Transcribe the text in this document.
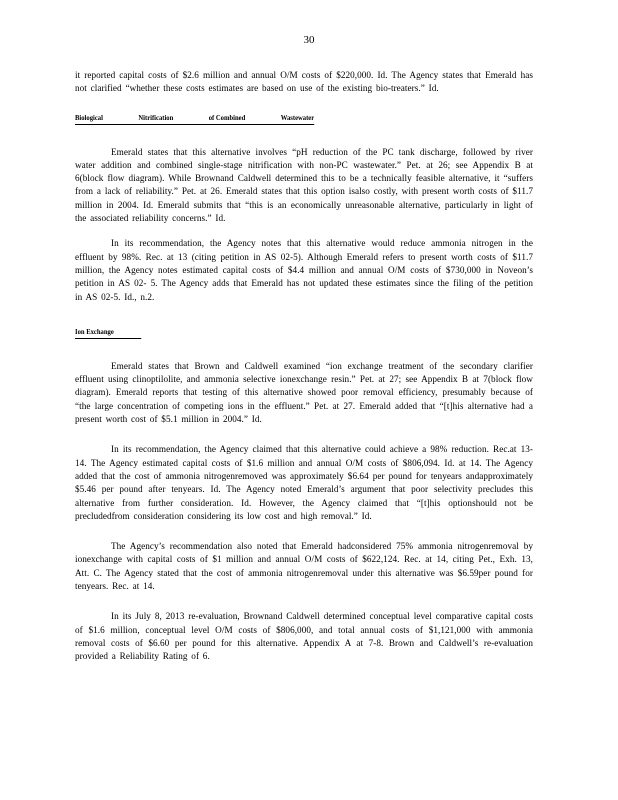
30

it reported capital costs of $2.6 million and annual O/M costs of $220,000. Id. The Agency states that Emerald has not clarified “whether these costs estimates are based on use of the existing bio-treaters.” Id.

Biological	Nitrification	of Combined	Wastewater

Emerald states that this alternative involves “pH reduction of the PC tank discharge, followed by river water addition and combined single-stage nitrification with non-PC wastewater.” Pet. at 26; see Appendix B at 6(block flow diagram). While Brownand Caldwell determined this to be a technically feasible alternative, it “suffers from a lack of reliability.” Pet. at 26. Emerald states that this option isalso costly, with present worth costs of $11.7 million in 2004. Id. Emerald submits that “this is an economically unreasonable alternative, particularly in light of the associated reliability concerns.” Id.

In its recommendation, the Agency notes that this alternative would reduce ammonia nitrogen in the effluent by 98%. Rec. at 13 (citing petition in AS 02-5). Although Emerald refers to present worth costs of $11.7 million, the Agency notes estimated capital costs of $4.4 million and annual O/M costs of $730,000 in Noveon’s petition in AS 02- 5. The Agency adds that Emerald has not updated these estimates since the filing of the petition in AS 02-5. Id., n.2.

Ion Exchange

Emerald states that Brown and Caldwell examined “ion exchange treatment of the secondary clarifier effluent using clinoptilolite, and ammonia selective ionexchange resin.” Pet. at 27; see Appendix B at 7(block flow diagram). Emerald reports that testing of this alternative showed poor removal efficiency, presumably because of “the large concentration of competing ions in the effluent.” Pet. at 27. Emerald added that “[t]his alternative had a present worth cost of $5.1 million in 2004.” Id.

In its recommendation, the Agency claimed that this alternative could achieve a 98% reduction. Rec.at 13-14. The Agency estimated capital costs of $1.6 million and annual O/M costs of $806,094. Id. at 14. The Agency added that the cost of ammonia nitrogenremoved was approximately $6.64 per pound for tenyears andapproximately $5.46 per pound after tenyears. Id. The Agency noted Emerald’s argument that poor selectivity precludes this alternative from further consideration. Id. However, the Agency claimed that “[t]his optionshould not be precludedfrom consideration considering its low cost and high removal.” Id.

The Agency’s recommendation also noted that Emerald hadconsidered 75% ammonia nitrogenremoval by ionexchange with capital costs of $1 million and annual O/M costs of $622,124. Rec. at 14, citing Pet., Exh. 13, Att. C. The Agency stated that the cost of ammonia nitrogenremoval under this alternative was $6.59per pound for tenyears. Rec. at 14.

In its July 8, 2013 re-evaluation, Brownand Caldwell determined conceptual level comparative capital costs of $1.6 million, conceptual level O/M costs of $806,000, and total annual costs of $1,121,000 with ammonia removal costs of $6.60 per pound for this alternative. Appendix A at 7-8. Brown and Caldwell’s re-evaluation provided a Reliability Rating of 6.
